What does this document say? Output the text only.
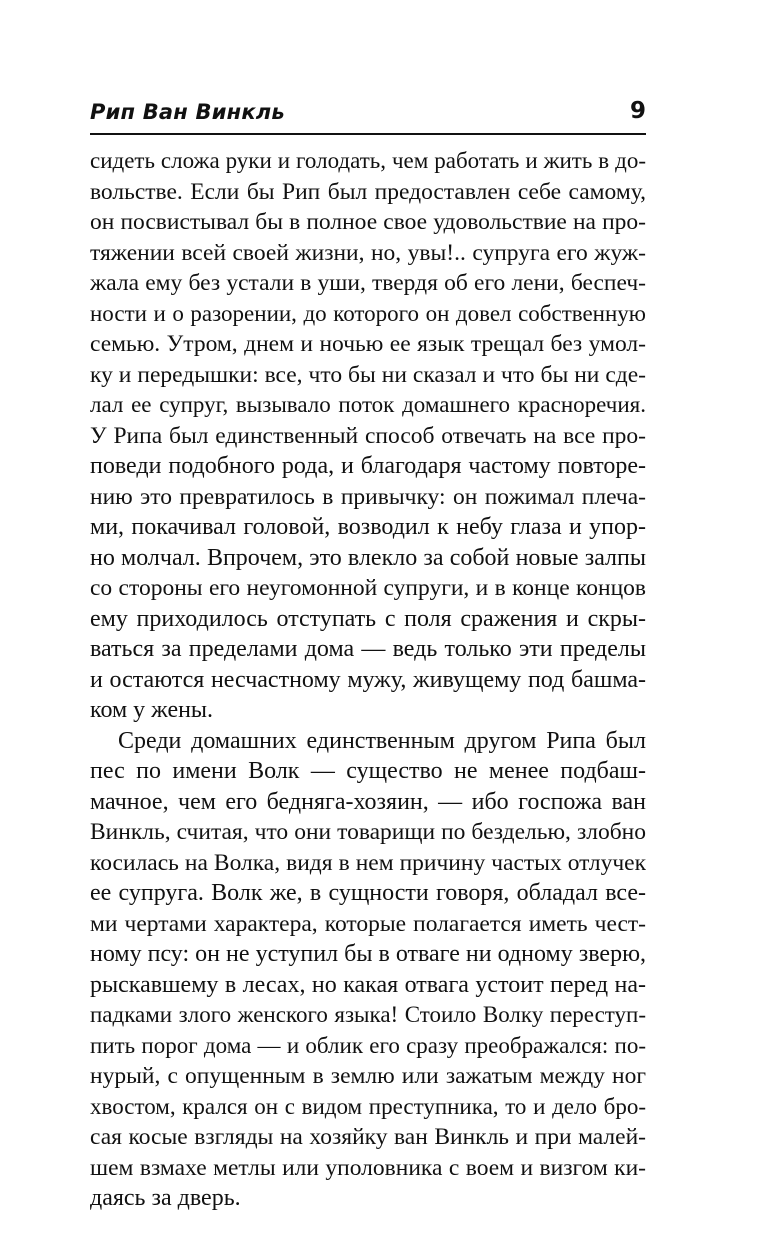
Рип Ван Винкль	9
сидеть сложа руки и голодать, чем работать и жить в до-
вольстве. Если бы Рип был предоставлен себе самому,
он посвистывал бы в полное свое удовольствие на про-
тяжении всей своей жизни, но, увы!.. супруга его жуж-
жала ему без устали в уши, твердя об его лени, беспеч-
ности и о разорении, до которого он довел собственную
семью. Утром, днем и ночью ее язык трещал без умол-
ку и передышки: все, что бы ни сказал и что бы ни сде-
лал ее супруг, вызывало поток домашнего красноречия.
У Рипа был единственный способ отвечать на все про-
поведи подобного рода, и благодаря частому повторе-
нию это превратилось в привычку: он пожимал плеча-
ми, покачивал головой, возводил к небу глаза и упор-
но молчал. Впрочем, это влекло за собой новые залпы
со стороны его неугомонной супруги, и в конце концов
ему приходилось отступать с поля сражения и скры-
ваться за пределами дома — ведь только эти пределы
и остаются несчастному мужу, живущему под башма-
ком у жены.
Среди домашних единственным другом Рипа был
пес по имени Волк — существо не менее подбаш-
мачное, чем его бедняга-хозяин, — ибо госпожа ван
Винкль, считая, что они товарищи по безделью, злобно
косилась на Волка, видя в нем причину частых отлучек
ее супруга. Волк же, в сущности говоря, обладал все-
ми чертами характера, которые полагается иметь чест-
ному псу: он не уступил бы в отваге ни одному зверю,
рыскавшему в лесах, но какая отвага устоит перед на-
падками злого женского языка! Стоило Волку переступ-
пить порог дома — и облик его сразу преображался: по-
нурый, с опущенным в землю или зажатым между ног
хвостом, крался он с видом преступника, то и дело бро-
сая косые взгляды на хозяйку ван Винкль и при малей-
шем взмахе метлы или уполовника с воем и визгом ки-
даясь за дверь.
